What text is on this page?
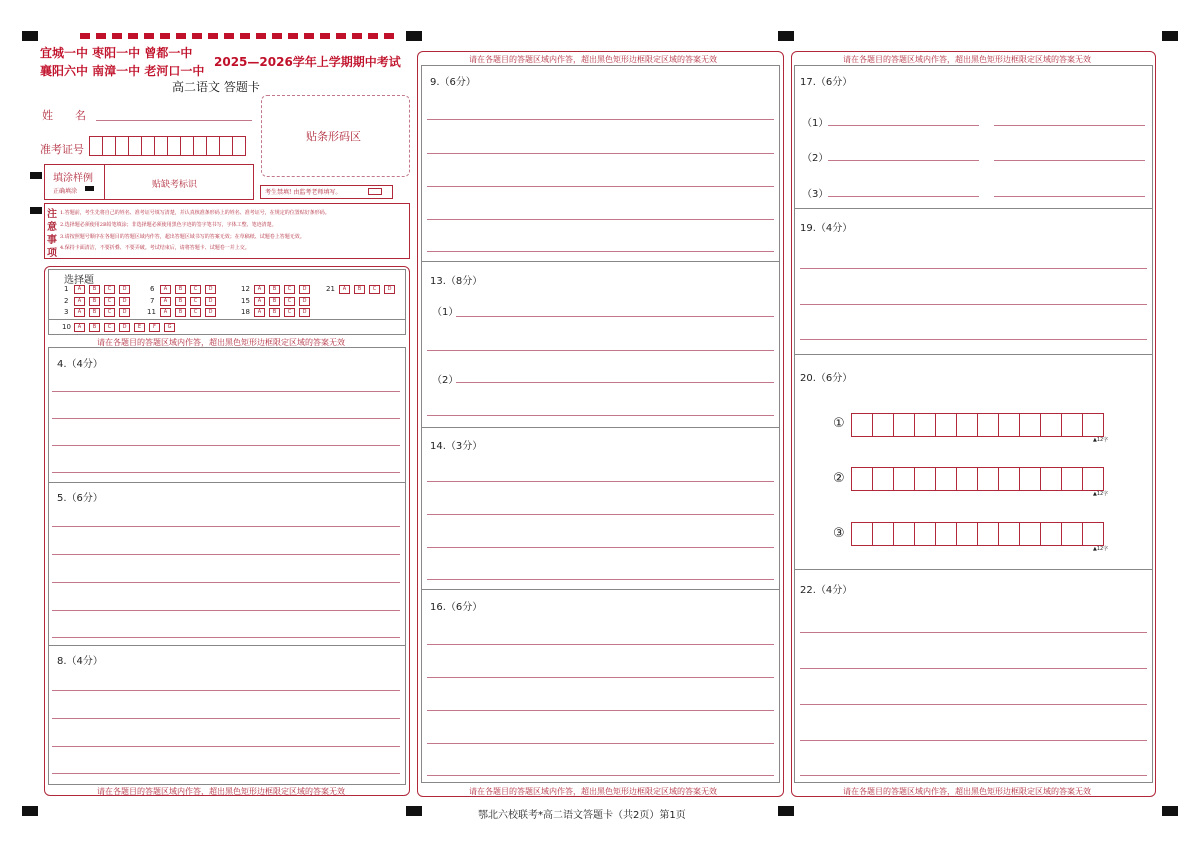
宜城一中 枣阳一中 曾都一中
襄阳六中 南漳一中 老河口一中
2025—2026学年上学期期中考试
高二语文 答题卡
姓　　名
准考证号
贴条形码区
填涂样例
正确填涂
贴缺考标识
考生禁填! 由监考老师填写。
注
意
事
项
1.答题前，考生先将自己的姓名、准考证号填写清楚，并认真核准条形码上的姓名、准考证号，在规定的位置贴好条形码。
2.选择题必须使用2B铅笔填涂；非选择题必须使用黑色字迹的签字笔书写，字体工整、笔迹清楚。
3.请按照题号顺序在各题目的答题区域内作答，超出答题区域书写的答案无效；在草稿纸、试题卷上答题无效。
4.保持卡面清洁，不要折叠、不要弄破。考试结束后，请将答题卡、试题卷一并上交。
选择题
1	A B C D	6	A B C D	12	A B C D	21	A B C D
2	A B C D	7	A B C D	15	A B C D
3	A B C D	11	A B C D	18	A B C D
10	A B C D E F G
请在各题目的答题区域内作答，超出黑色矩形边框限定区域的答案无效
4.（4分）
5.（6分）
8.（4分）
请在各题目的答题区域内作答，超出黑色矩形边框限定区域的答案无效
请在各题目的答题区域内作答，超出黑色矩形边框限定区域的答案无效
9.（6分）
13.（8分）
（1）
（2）
14.（3分）
16.（6分）
请在各题目的答题区域内作答，超出黑色矩形边框限定区域的答案无效
请在各题目的答题区域内作答，超出黑色矩形边框限定区域的答案无效
17.（6分）
（1）
（2）
（3）
19.（4分）
20.（6分）
①
▲12字
②
▲12字
③
▲12字
22.（4分）
请在各题目的答题区域内作答，超出黑色矩形边框限定区域的答案无效
鄂北六校联考*高二语文答题卡（共2页）第1页
